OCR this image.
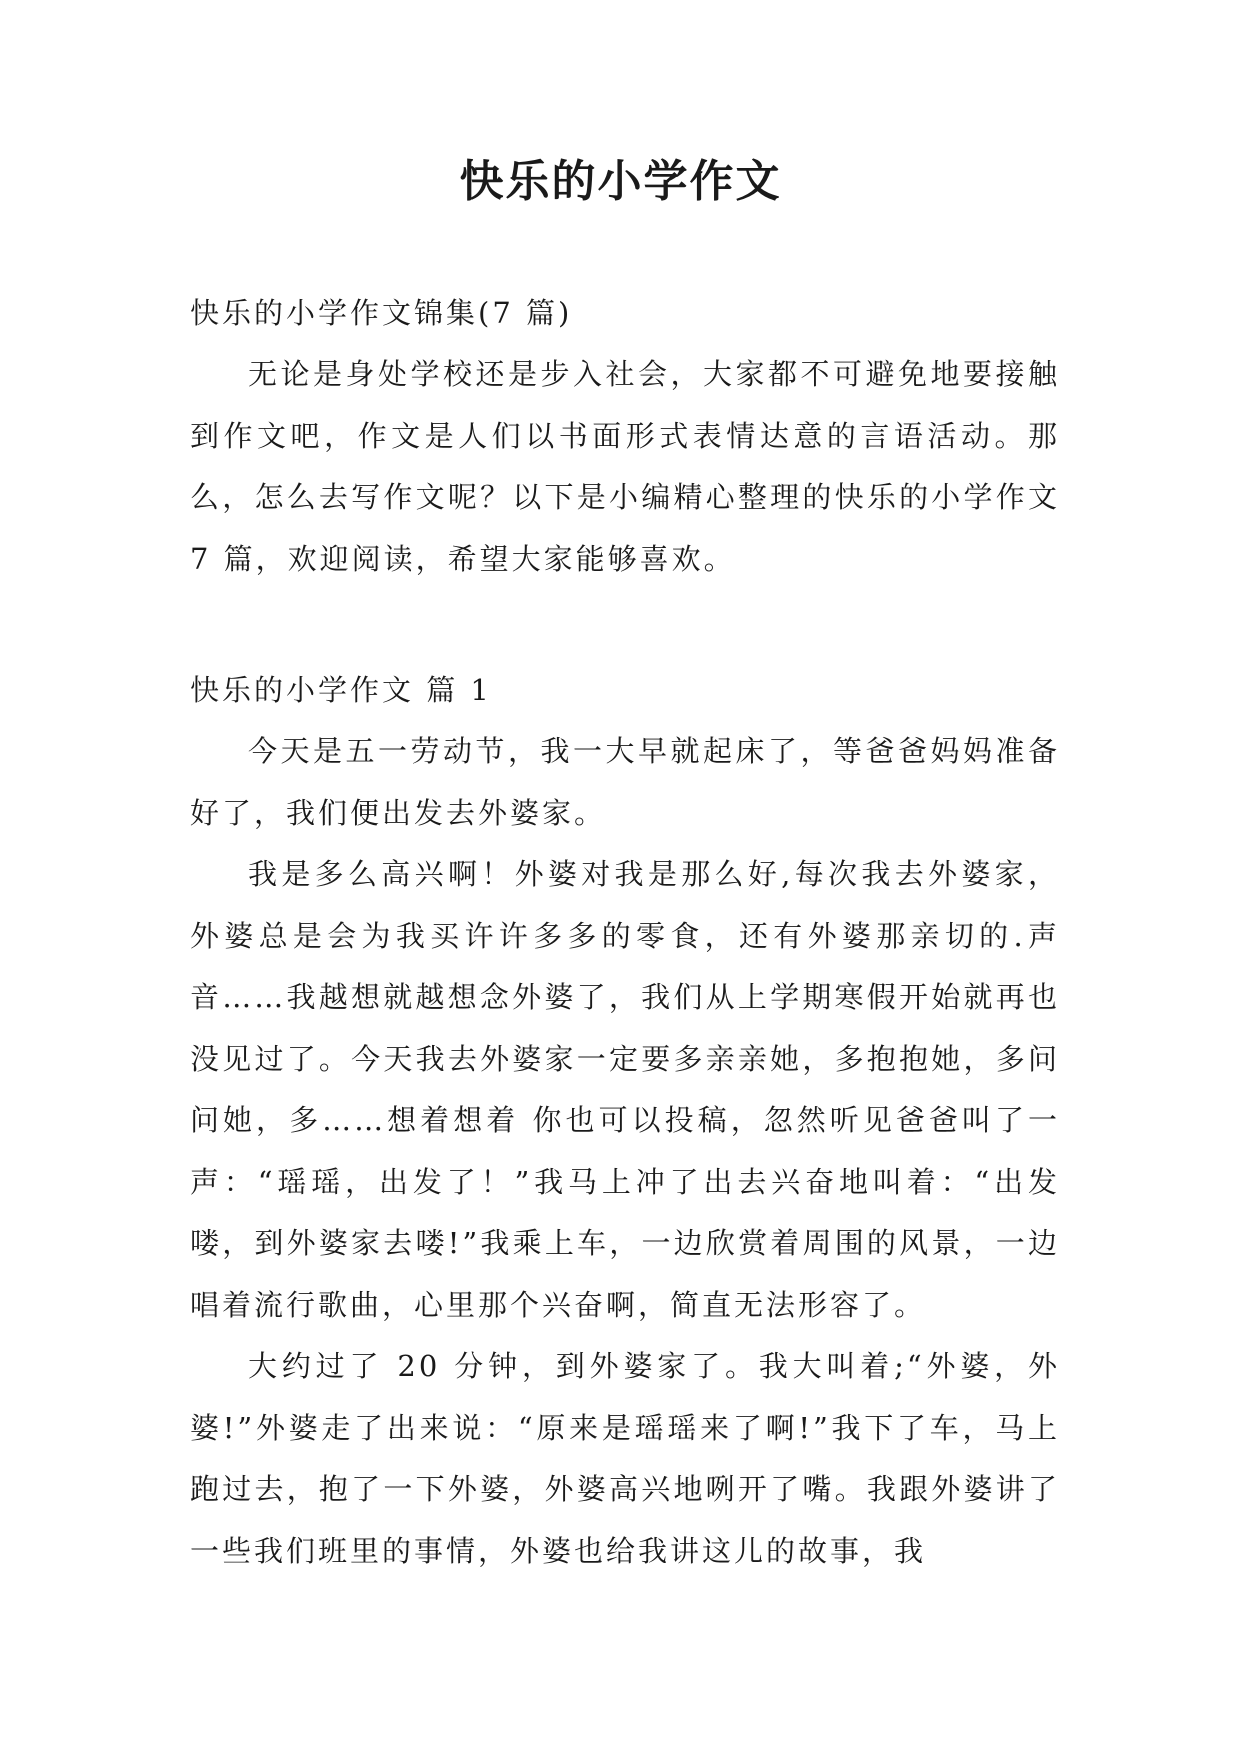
快乐的小学作文

快乐的小学作文锦集(7 篇)

无论是身处学校还是步入社会，大家都不可避免地要接触到作文吧，作文是人们以书面形式表情达意的言语活动。那么，怎么去写作文呢？以下是小编精心整理的快乐的小学作文 7 篇，欢迎阅读，希望大家能够喜欢。

快乐的小学作文 篇 1

今天是五一劳动节，我一大早就起床了，等爸爸妈妈准备好了，我们便出发去外婆家。

我是多么高兴啊！外婆对我是那么好,每次我去外婆家，外婆总是会为我买许许多多的零食，还有外婆那亲切的.声音……我越想就越想念外婆了，我们从上学期寒假开始就再也没见过了。今天我去外婆家一定要多亲亲她，多抱抱她，多问问她，多……想着想着 你也可以投稿，忽然听见爸爸叫了一声：“瑶瑶，出发了！”我马上冲了出去兴奋地叫着：“出发喽，到外婆家去喽!”我乘上车，一边欣赏着周围的风景，一边唱着流行歌曲，心里那个兴奋啊，简直无法形容了。

大约过了 20 分钟，到外婆家了。我大叫着;“外婆，外婆!”外婆走了出来说：“原来是瑶瑶来了啊!”我下了车，马上跑过去，抱了一下外婆，外婆高兴地咧开了嘴。我跟外婆讲了一些我们班里的事情，外婆也给我讲这儿的故事，我
